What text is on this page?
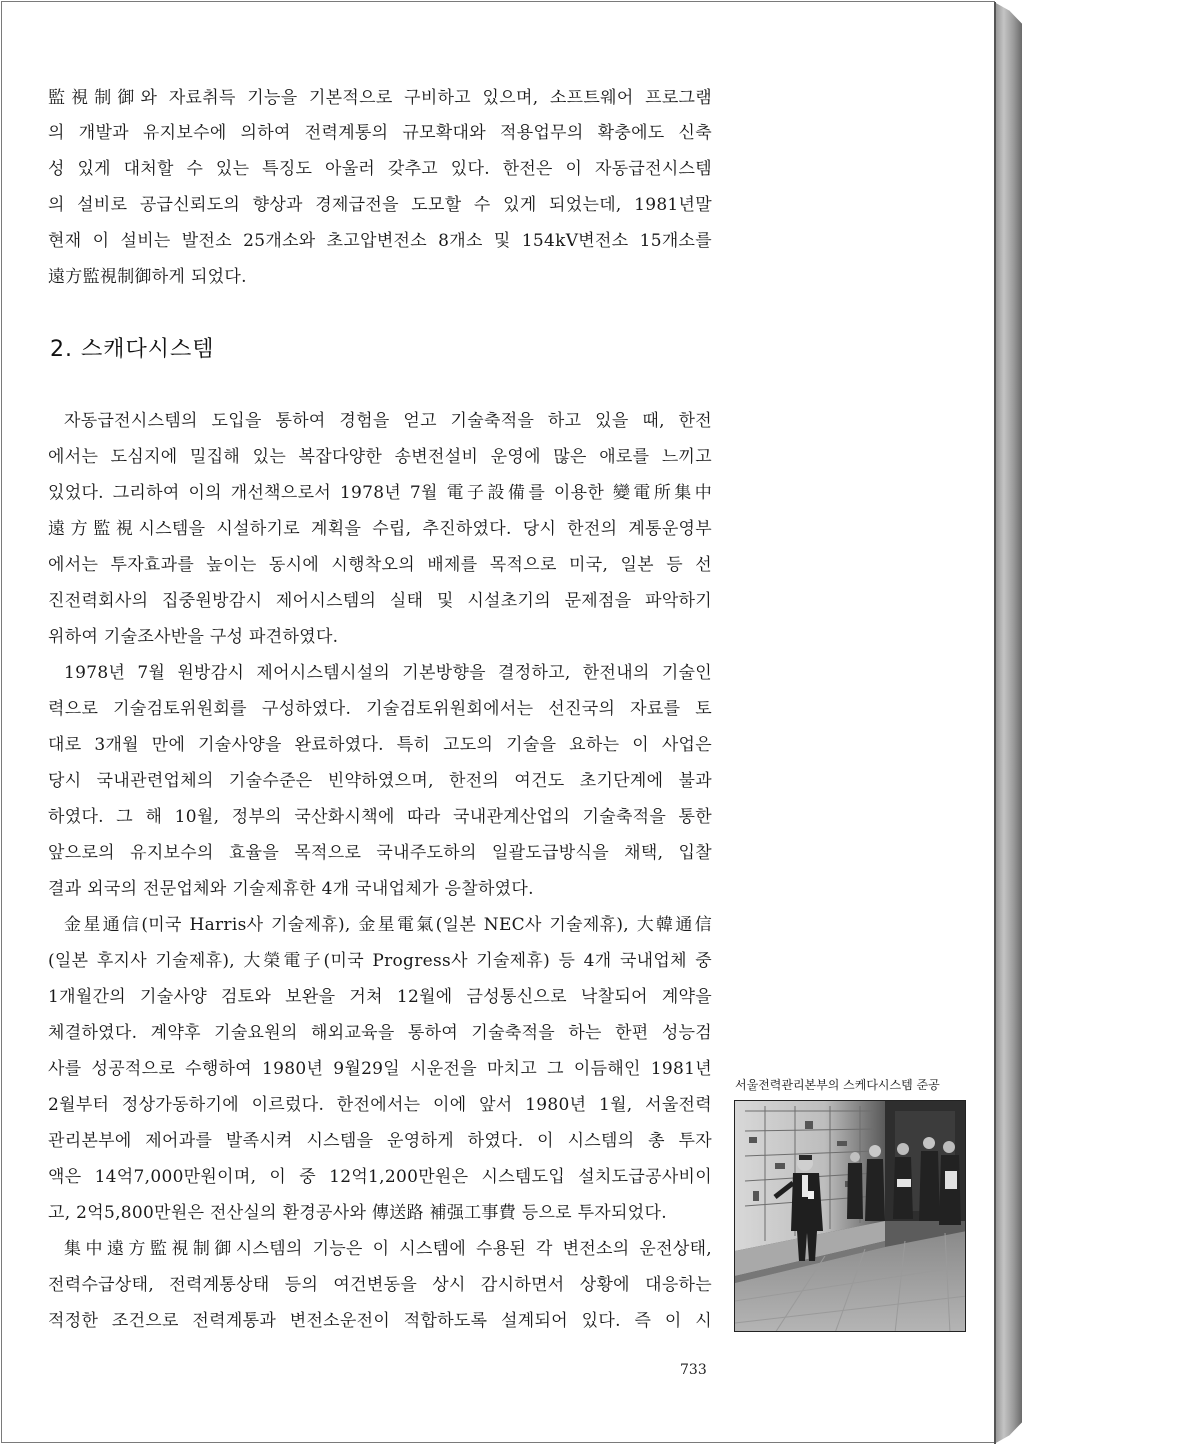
監視制御와 자료취득 기능을 기본적으로 구비하고 있으며, 소프트웨어 프로그램
의 개발과 유지보수에 의하여 전력계통의 규모확대와 적용업무의 확충에도 신축
성 있게 대처할 수 있는 특징도 아울러 갖추고 있다. 한전은 이 자동급전시스템
의 설비로 공급신뢰도의 향상과 경제급전을 도모할 수 있게 되었는데, 1981년말
현재 이 설비는 발전소 25개소와 초고압변전소 8개소 및 154kV변전소 15개소를
遠方監視制御하게 되었다.
2. 스캐다시스템
자동급전시스템의 도입을 통하여 경험을 얻고 기술축적을 하고 있을 때, 한전
에서는 도심지에 밀집해 있는 복잡다양한 송변전설비 운영에 많은 애로를 느끼고
있었다. 그리하여 이의 개선책으로서 1978년 7월 電子設備를 이용한 變電所集中
遠方監視시스템을 시설하기로 계획을 수립, 추진하였다. 당시 한전의 계통운영부
에서는 투자효과를 높이는 동시에 시행착오의 배제를 목적으로 미국, 일본 등 선
진전력회사의 집중원방감시 제어시스템의 실태 및 시설초기의 문제점을 파악하기
위하여 기술조사반을 구성 파견하였다.
1978년 7월 원방감시 제어시스템시설의 기본방향을 결정하고, 한전내의 기술인
력으로 기술검토위원회를 구성하였다. 기술검토위원회에서는 선진국의 자료를 토
대로 3개월 만에 기술사양을 완료하였다. 특히 고도의 기술을 요하는 이 사업은
당시 국내관련업체의 기술수준은 빈약하였으며, 한전의 여건도 초기단계에 불과
하였다. 그 해 10월, 정부의 국산화시책에 따라 국내관계산업의 기술축적을 통한
앞으로의 유지보수의 효율을 목적으로 국내주도하의 일괄도급방식을 채택, 입찰
결과 외국의 전문업체와 기술제휴한 4개 국내업체가 응찰하였다.
金星通信(미국 Harris사 기술제휴), 金星電氣(일본 NEC사 기술제휴), 大韓通信
(일본 후지사 기술제휴), 大榮電子(미국 Progress사 기술제휴) 등 4개 국내업체 중
1개월간의 기술사양 검토와 보완을 거쳐 12월에 금성통신으로 낙찰되어 계약을
체결하였다. 계약후 기술요원의 해외교육을 통하여 기술축적을 하는 한편 성능검
사를 성공적으로 수행하여 1980년 9월29일 시운전을 마치고 그 이듬해인 1981년
2월부터 정상가동하기에 이르렀다. 한전에서는 이에 앞서 1980년 1월, 서울전력
관리본부에 제어과를 발족시켜 시스템을 운영하게 하였다. 이 시스템의 총 투자
액은 14억7,000만원이며, 이 중 12억1,200만원은 시스템도입 설치도급공사비이
고, 2억5,800만원은 전산실의 환경공사와 傳送路 補强工事費 등으로 투자되었다.
集中遠方監視制御시스템의 기능은 이 시스템에 수용된 각 변전소의 운전상태,
전력수급상태, 전력계통상태 등의 여건변동을 상시 감시하면서 상황에 대응하는
적정한 조건으로 전력계통과 변전소운전이 적합하도록 설계되어 있다. 즉 이 시
서울전력관리본부의 스케다시스템 준공
733
